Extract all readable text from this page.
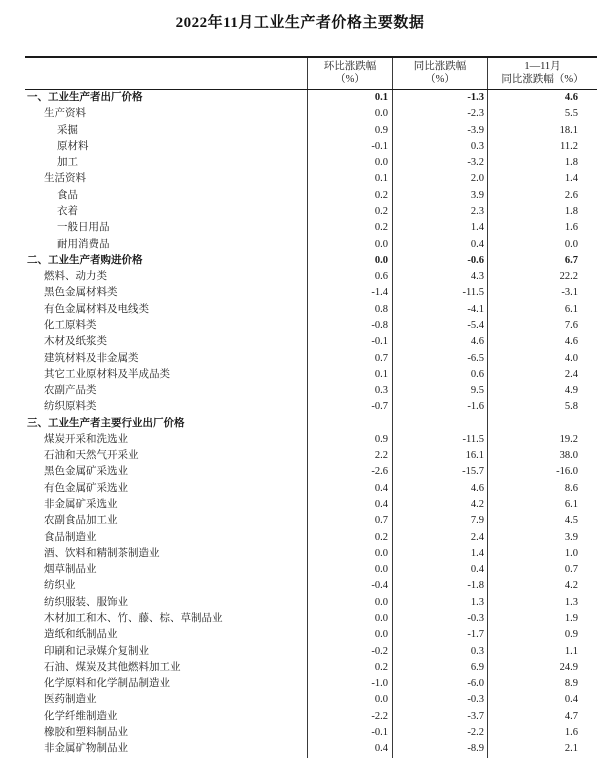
2022年11月工业生产者价格主要数据
环比涨跌幅
（%）
同比涨跌幅
（%）
1—11月
同比涨跌幅（%）
一、工业生产者出厂价格	0.1	-1.3	4.6
生产资料	0.0	-2.3	5.5
采掘	0.9	-3.9	18.1
原材料	-0.1	0.3	11.2
加工	0.0	-3.2	1.8
生活资料	0.1	2.0	1.4
食品	0.2	3.9	2.6
衣着	0.2	2.3	1.8
一般日用品	0.2	1.4	1.6
耐用消费品	0.0	0.4	0.0
二、工业生产者购进价格	0.0	-0.6	6.7
燃料、动力类	0.6	4.3	22.2
黑色金属材料类	-1.4	-11.5	-3.1
有色金属材料及电线类	0.8	-4.1	6.1
化工原料类	-0.8	-5.4	7.6
木材及纸浆类	-0.1	4.6	4.6
建筑材料及非金属类	0.7	-6.5	4.0
其它工业原材料及半成品类	0.1	0.6	2.4
农副产品类	0.3	9.5	4.9
纺织原料类	-0.7	-1.6	5.8
三、工业生产者主要行业出厂价格
煤炭开采和洗选业	0.9	-11.5	19.2
石油和天然气开采业	2.2	16.1	38.0
黑色金属矿采选业	-2.6	-15.7	-16.0
有色金属矿采选业	0.4	4.6	8.6
非金属矿采选业	0.4	4.2	6.1
农副食品加工业	0.7	7.9	4.5
食品制造业	0.2	2.4	3.9
酒、饮料和精制茶制造业	0.0	1.4	1.0
烟草制品业	0.0	0.4	0.7
纺织业	-0.4	-1.8	4.2
纺织服装、服饰业	0.0	1.3	1.3
木材加工和木、竹、藤、棕、草制品业	0.0	-0.3	1.9
造纸和纸制品业	0.0	-1.7	0.9
印刷和记录媒介复制业	-0.2	0.3	1.1
石油、煤炭及其他燃料加工业	0.2	6.9	24.9
化学原料和化学制品制造业	-1.0	-6.0	8.9
医药制造业	0.0	-0.3	0.4
化学纤维制造业	-2.2	-3.7	4.7
橡胶和塑料制品业	-0.1	-2.2	1.6
非金属矿物制品业	0.4	-8.9	2.1
